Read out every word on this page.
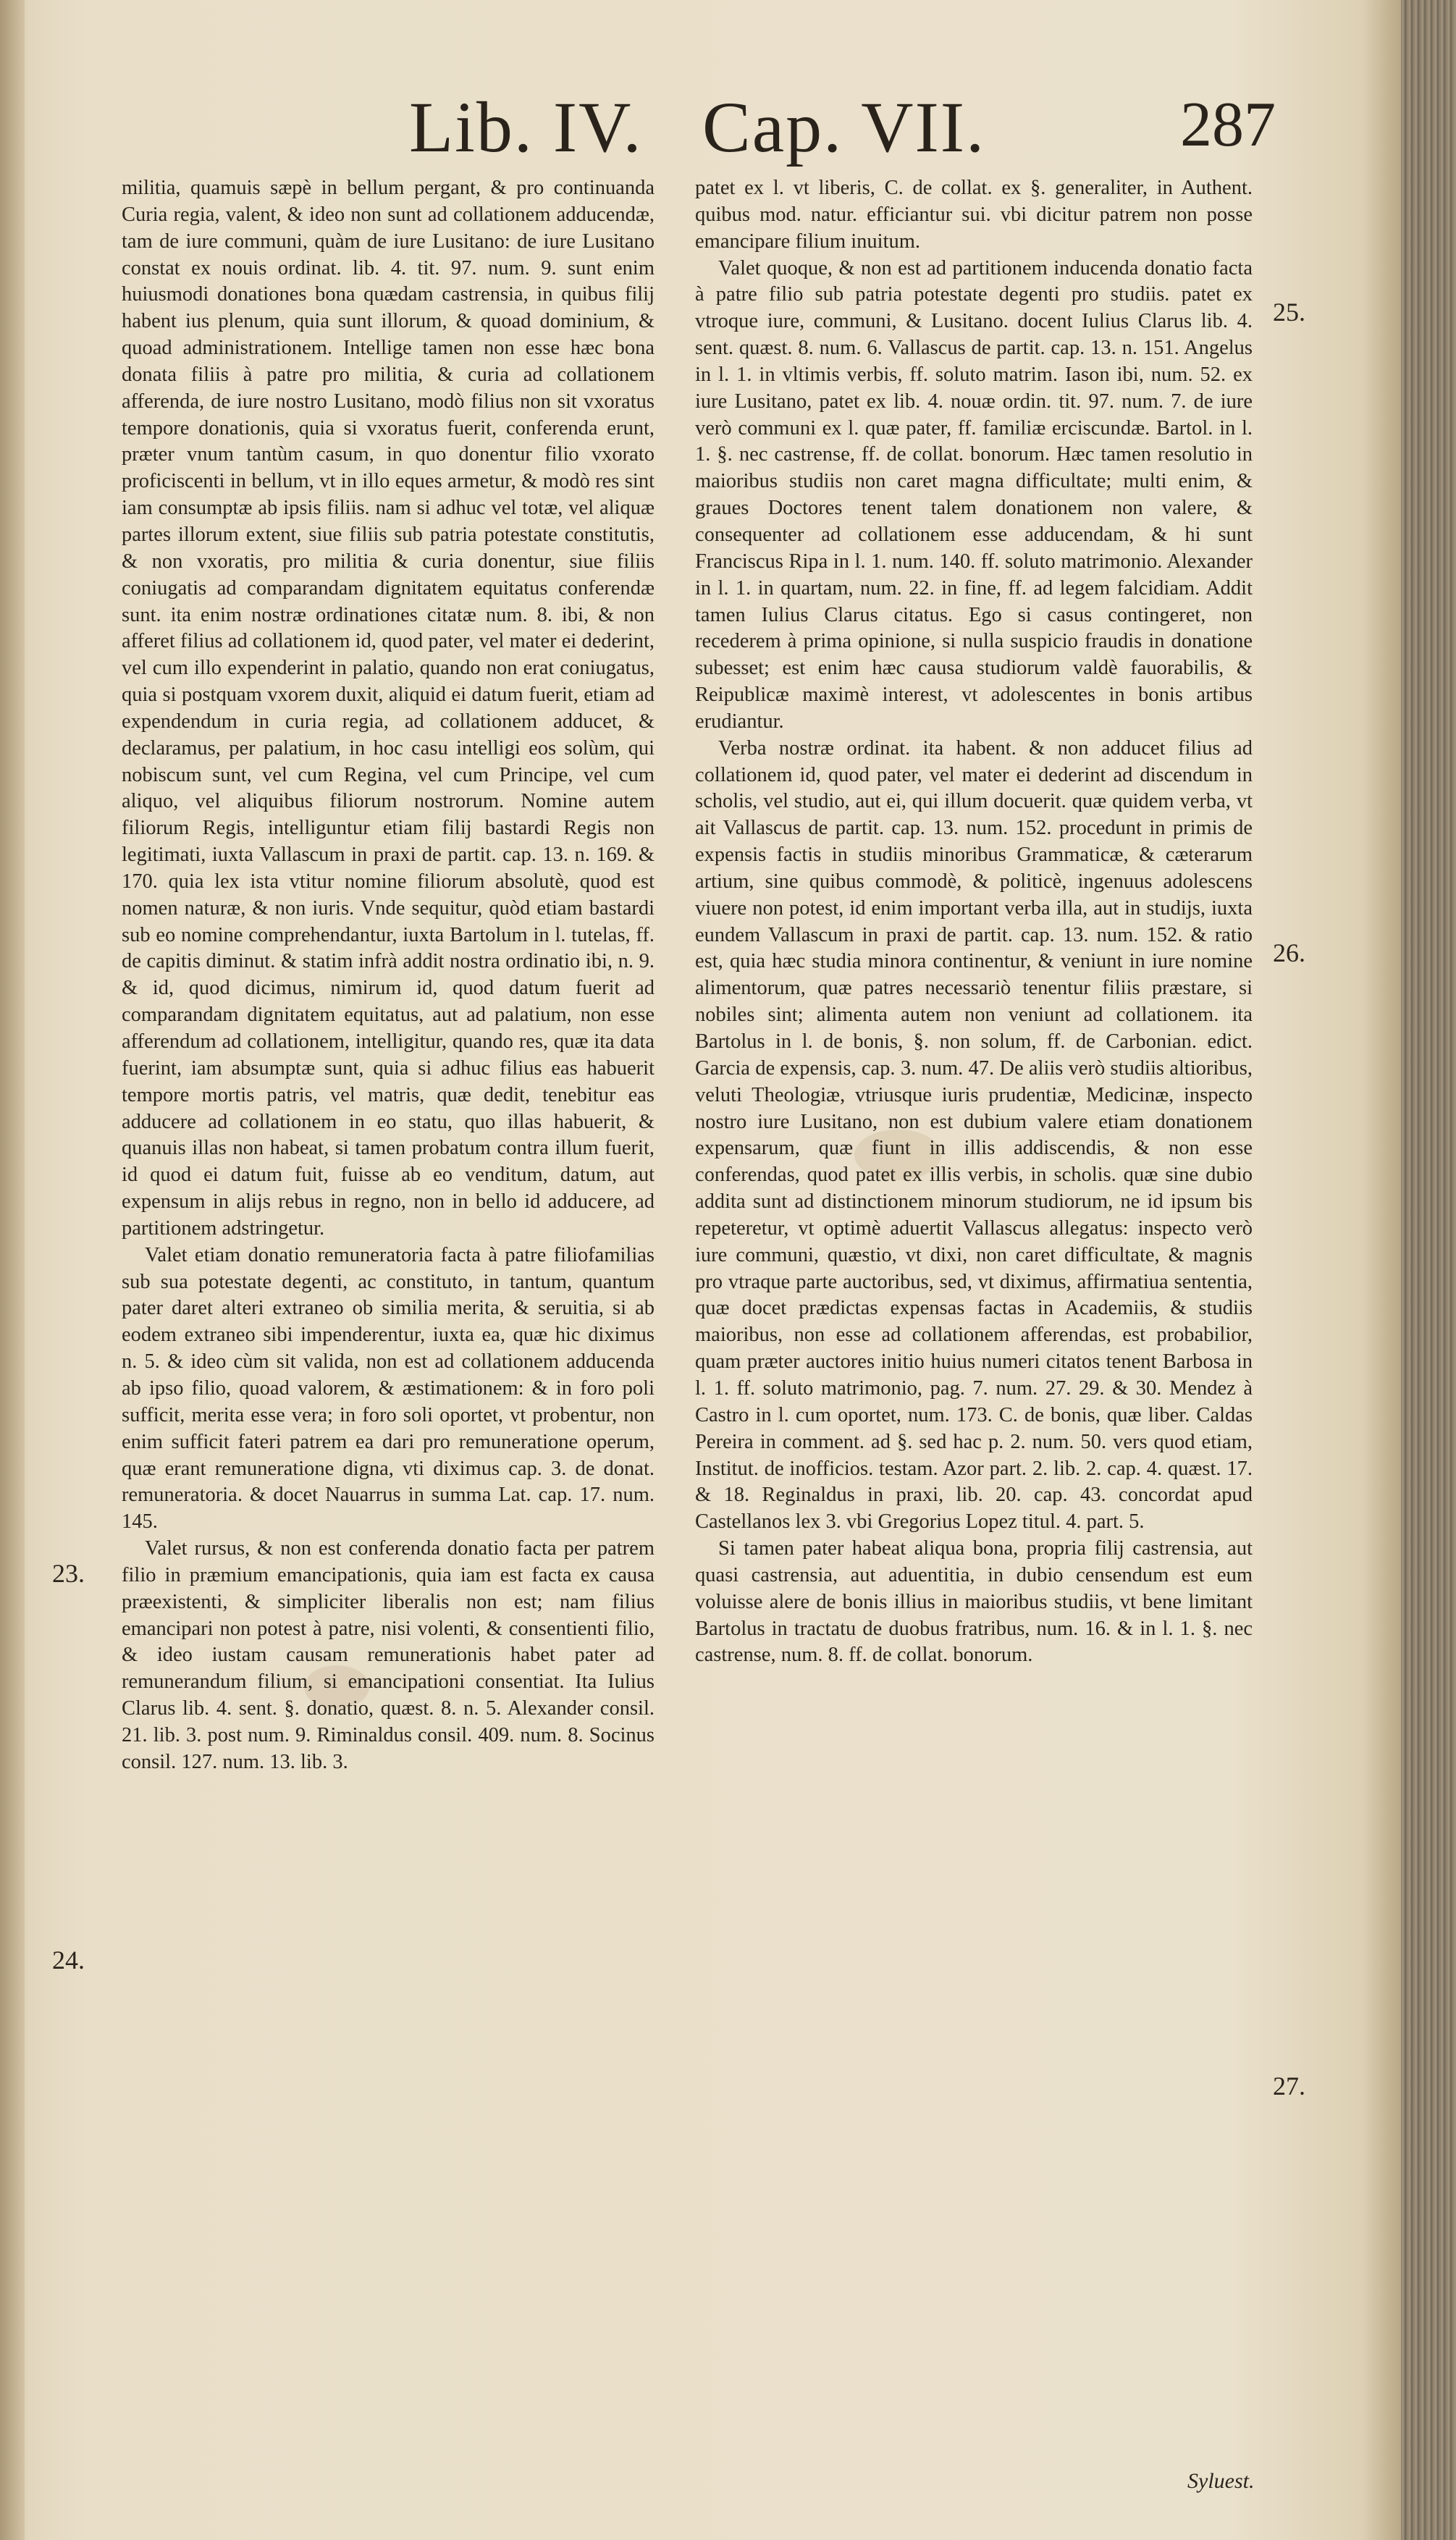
Lib. IV. Cap. VII.	287

militia, quamuis sæpè in bellum pergant, & pro continuanda Curia regia, valent, & ideo non sunt ad collationem adducendæ, tam de iure communi, quàm de iure Lusitano: de iure Lusitano constat ex nouis ordinat. lib. 4. tit. 97. num. 9. sunt enim huiusmodi donationes bona quædam castrensia, in quibus filij habent ius plenum, quia sunt illorum, & quoad dominium, & quoad administrationem. Intellige tamen non esse hæc bona donata filiis à patre pro militia, & curia ad collationem afferenda, de iure nostro Lusitano, modò filius non sit vxoratus tempore donationis, quia si vxoratus fuerit, conferenda erunt, præter vnum tantùm casum, in quo donentur filio vxorato proficiscenti in bellum, vt in illo eques armetur, & modò res sint iam consumptæ ab ipsis filiis. nam si adhuc vel totæ, vel aliquæ partes illorum extent, siue filiis sub patria potestate constitutis, & non vxoratis, pro militia & curia donentur, siue filiis coniugatis ad comparandam dignitatem equitatus conferendæ sunt. ita enim nostræ ordinationes citatæ num. 8. ibi, & non afferet filius ad collationem id, quod pater, vel mater ei dederint, vel cum illo expenderint in palatio, quando non erat coniugatus, quia si postquam vxorem duxit, aliquid ei datum fuerit, etiam ad expendendum in curia regia, ad collationem adducet, & declaramus, per palatium, in hoc casu intelligi eos solùm, qui nobiscum sunt, vel cum Regina, vel cum Principe, vel cum aliquo, vel aliquibus filiorum nostrorum. Nomine autem filiorum Regis, intelliguntur etiam filij bastardi Regis non legitimati, iuxta Vallascum in praxi de partit. cap. 13. n. 169. & 170. quia lex ista vtitur nomine filiorum absolutè, quod est nomen naturæ, & non iuris. Vnde sequitur, quòd etiam bastardi sub eo nomine comprehendantur, iuxta Bartolum in l. tutelas, ff. de capitis diminut. & statim infrà addit nostra ordinatio ibi, n. 9. & id, quod dicimus, nimirum id, quod datum fuerit ad comparandam dignitatem equitatus, aut ad palatium, non esse afferendum ad collationem, intelligitur, quando res, quæ ita data fuerint, iam absumptæ sunt, quia si adhuc filius eas habuerit tempore mortis patris, vel matris, quæ dedit, tenebitur eas adducere ad collationem in eo statu, quo illas habuerit, & quanuis illas non habeat, si tamen probatum contra illum fuerit, id quod ei datum fuit, fuisse ab eo venditum, datum, aut expensum in alijs rebus in regno, non in bello id adducere, ad partitionem adstringetur.

Valet etiam donatio remuneratoria facta à patre filiofamilias sub sua potestate degenti, ac constituto, in tantum, quantum pater daret alteri extraneo ob similia merita, & seruitia, si ab eodem extraneo sibi impenderentur, iuxta ea, quæ hic diximus n. 5. & ideo cùm sit valida, non est ad collationem adducenda ab ipso filio, quoad valorem, & æstimationem: & in foro poli sufficit, merita esse vera; in foro soli oportet, vt probentur, non enim sufficit fateri patrem ea dari pro remuneratione operum, quæ erant remuneratione digna, vti diximus cap. 3. de donat. remuneratoria. & docet Nauarrus in summa Lat. cap. 17. num. 145.

Valet rursus, & non est conferenda donatio facta per patrem filio in præmium emancipationis, quia iam est facta ex causa præexistenti, & simpliciter liberalis non est; nam filius emancipari non potest à patre, nisi volenti, & consentienti filio, & ideo iustam causam remunerationis habet pater ad remunerandum filium, si emancipationi consentiat. Ita Iulius Clarus lib. 4. sent. §. donatio, quæst. 8. n. 5. Alexander consil. 21. lib. 3. post num. 9. Riminaldus consil. 409. num. 8. Socinus consil. 127. num. 13. lib. 3.

patet ex l. vt liberis, C. de collat. ex §. generaliter, in Authent. quibus mod. natur. efficiantur sui. vbi dicitur patrem non posse emancipare filium inuitum.

Valet quoque, & non est ad partitionem inducenda donatio facta à patre filio sub patria potestate degenti pro studiis. patet ex vtroque iure, communi, & Lusitano. docent Iulius Clarus lib. 4. sent. quæst. 8. num. 6. Vallascus de partit. cap. 13. n. 151. Angelus in l. 1. in vltimis verbis, ff. soluto matrim. Iason ibi, num. 52. ex iure Lusitano, patet ex lib. 4. nouæ ordin. tit. 97. num. 7. de iure verò communi ex l. quæ pater, ff. familiæ erciscundæ. Bartol. in l. 1. §. nec castrense, ff. de collat. bonorum. Hæc tamen resolutio in maioribus studiis non caret magna difficultate; multi enim, & graues Doctores tenent talem donationem non valere, & consequenter ad collationem esse adducendam, & hi sunt Franciscus Ripa in l. 1. num. 140. ff. soluto matrimonio. Alexander in l. 1. in quartam, num. 22. in fine, ff. ad legem falcidiam. Addit tamen Iulius Clarus citatus. Ego si casus contingeret, non recederem à prima opinione, si nulla suspicio fraudis in donatione subesset; est enim hæc causa studiorum valdè fauorabilis, & Reipublicæ maximè interest, vt adolescentes in bonis artibus erudiantur.

Verba nostræ ordinat. ita habent. & non adducet filius ad collationem id, quod pater, vel mater ei dederint ad discendum in scholis, vel studio, aut ei, qui illum docuerit. quæ quidem verba, vt ait Vallascus de partit. cap. 13. num. 152. procedunt in primis de expensis factis in studiis minoribus Grammaticæ, & cæterarum artium, sine quibus commodè, & politicè, ingenuus adolescens viuere non potest, id enim important verba illa, aut in studijs, iuxta eundem Vallascum in praxi de partit. cap. 13. num. 152. & ratio est, quia hæc studia minora continentur, & veniunt in iure nomine alimentorum, quæ patres necessariò tenentur filiis præstare, si nobiles sint; alimenta autem non veniunt ad collationem. ita Bartolus in l. de bonis, §. non solum, ff. de Carbonian. edict. Garcia de expensis, cap. 3. num. 47. De aliis verò studiis altioribus, veluti Theologiæ, vtriusque iuris prudentiæ, Medicinæ, inspecto nostro iure Lusitano, non est dubium valere etiam donationem expensarum, quæ fiunt in illis addiscendis, & non esse conferendas, quod patet ex illis verbis, in scholis. quæ sine dubio addita sunt ad distinctionem minorum studiorum, ne id ipsum bis repeteretur, vt optimè aduertit Vallascus allegatus: inspecto verò iure communi, quæstio, vt dixi, non caret difficultate, & magnis pro vtraque parte auctoribus, sed, vt diximus, affirmatiua sententia, quæ docet prædictas expensas factas in Academiis, & studiis maioribus, non esse ad collationem afferendas, est probabilior, quam præter auctores initio huius numeri citatos tenent Barbosa in l. 1. ff. soluto matrimonio, pag. 7. num. 27. 29. & 30. Mendez à Castro in l. cum oportet, num. 173. C. de bonis, quæ liber. Caldas Pereira in comment. ad §. sed hac p. 2. num. 50. vers quod etiam, Institut. de inofficios. testam. Azor part. 2. lib. 2. cap. 4. quæst. 17. & 18. Reginaldus in praxi, lib. 20. cap. 43. concordat apud Castellanos lex 3. vbi Gregorius Lopez titul. 4. part. 5.

Si tamen pater habeat aliqua bona, propria filij castrensia, aut quasi castrensia, aut aduentitia, in dubio censendum est eum voluisse alere de bonis illius in maioribus studiis, vt bene limitant Bartolus in tractatu de duobus fratribus, num. 16. & in l. 1. §. nec castrense, num. 8. ff. de collat. bonorum.

23.
24.
25.
26.
27.
Syluest.
